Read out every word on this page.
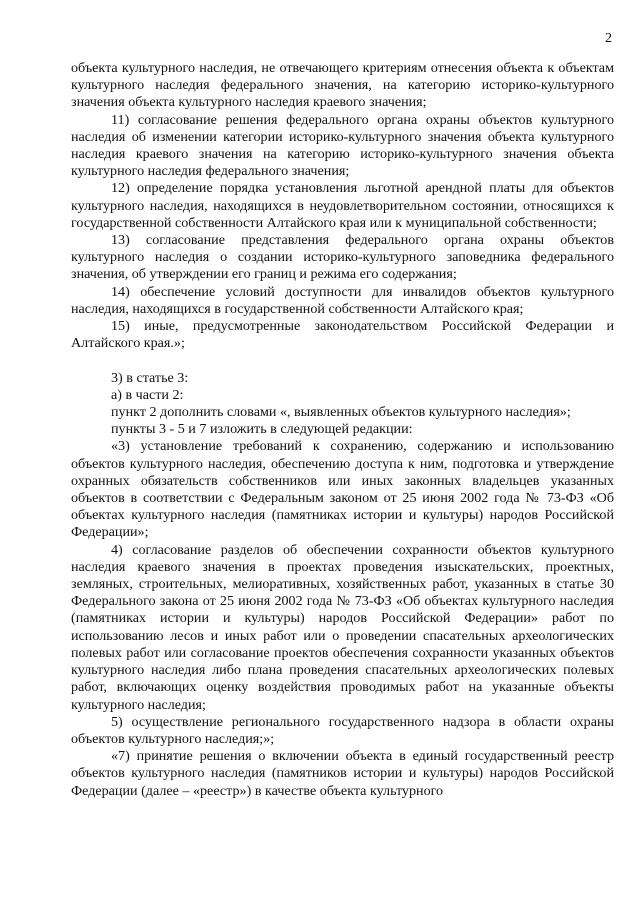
2

объекта культурного наследия, не отвечающего критериям отнесения объекта к объектам культурного наследия федерального значения, на категорию историко-культурного значения объекта культурного наследия краевого значения;

11) согласование решения федерального органа охраны объектов культурного наследия об изменении категории историко-культурного значения объекта культурного наследия краевого значения на категорию историко-культурного значения объекта культурного наследия федерального значения;

12) определение порядка установления льготной арендной платы для объектов культурного наследия, находящихся в неудовлетворительном состоянии, относящихся к государственной собственности Алтайского края или к муниципальной собственности;

13) согласование представления федерального органа охраны объектов культурного наследия о создании историко-культурного заповедника федерального значения, об утверждении его границ и режима его содержания;

14) обеспечение условий доступности для инвалидов объектов культурного наследия, находящихся в государственной собственности Алтайского края;

15) иные, предусмотренные законодательством Российской Федерации и Алтайского края.»;

3) в статье 3:

а) в части 2:

пункт 2 дополнить словами «, выявленных объектов культурного наследия»;

пункты 3 - 5 и 7 изложить в следующей редакции:

«3) установление требований к сохранению, содержанию и использованию объектов культурного наследия, обеспечению доступа к ним, подготовка и утверждение охранных обязательств собственников или иных законных владельцев указанных объектов в соответствии с Федеральным законом от 25 июня 2002 года № 73-ФЗ «Об объектах культурного наследия (памятниках истории и культуры) народов Российской Федерации»;

4) согласование разделов об обеспечении сохранности объектов культурного наследия краевого значения в проектах проведения изыскательских, проектных, земляных, строительных, мелиоративных, хозяйственных работ, указанных в статье 30 Федерального закона от 25 июня 2002 года № 73-ФЗ «Об объектах культурного наследия (памятниках истории и культуры) народов Российской Федерации» работ по использованию лесов и иных работ или о проведении спасательных археологических полевых работ или согласование проектов обеспечения сохранности указанных объектов культурного наследия либо плана проведения спасательных археологических полевых работ, включающих оценку воздействия проводимых работ на указанные объекты культурного наследия;

5) осуществление регионального государственного надзора в области охраны объектов культурного наследия;»;

«7) принятие решения о включении объекта в единый государственный реестр объектов культурного наследия (памятников истории и культуры) народов Российской Федерации (далее – «реестр») в качестве объекта культурного
